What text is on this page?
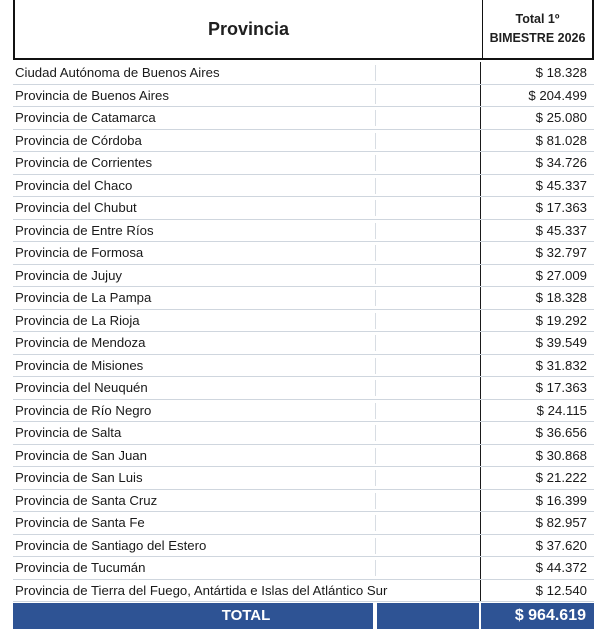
Provincia	Total 1º
BIMESTRE 2026
Ciudad Autónoma de Buenos Aires	$ 18.328
Provincia de Buenos Aires	$ 204.499
Provincia de Catamarca	$ 25.080
Provincia de Córdoba	$ 81.028
Provincia de Corrientes	$ 34.726
Provincia del Chaco	$ 45.337
Provincia del Chubut	$ 17.363
Provincia de Entre Ríos	$ 45.337
Provincia de Formosa	$ 32.797
Provincia de Jujuy	$ 27.009
Provincia de La Pampa	$ 18.328
Provincia de La Rioja	$ 19.292
Provincia de Mendoza	$ 39.549
Provincia de Misiones	$ 31.832
Provincia del Neuquén	$ 17.363
Provincia de Río Negro	$ 24.115
Provincia de Salta	$ 36.656
Provincia de San Juan	$ 30.868
Provincia de San Luis	$ 21.222
Provincia de Santa Cruz	$ 16.399
Provincia de Santa Fe	$ 82.957
Provincia de Santiago del Estero	$ 37.620
Provincia de Tucumán	$ 44.372
Provincia de Tierra del Fuego, Antártida e Islas del Atlántico Sur	$ 12.540
TOTAL	$ 964.619
